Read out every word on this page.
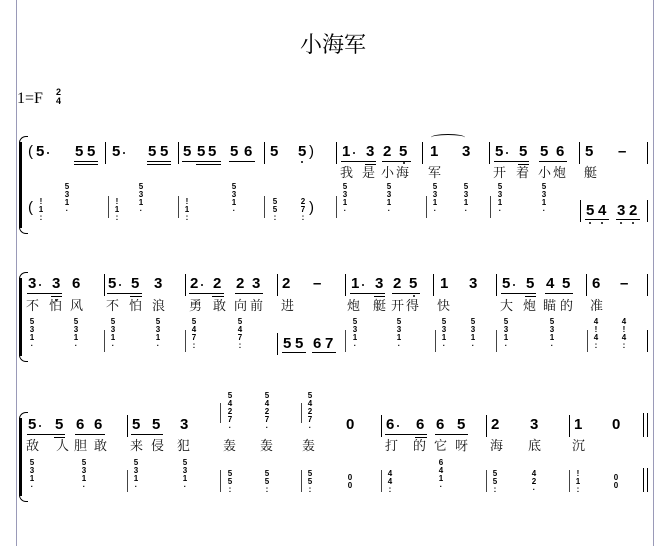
小海军
1=F 2
4
( 5 5 5 5 5 5 5 5 5 5 6 5 5 ) 1 3 2 5 1 3 5 5 5 6 5 –
我 是 小 海 军	开 着 小 炮 艇
( !
1
:
5
3
1
·
!
1
:
5
3
1
·
!
1
:
5
3
1
·
5
5
:
2
7
:
)
5
3
1
·
5
3
1
·
5
3
1
·
5
3
1
·
5
3
1
·
5
3
1
·	5 4 3 2
3 3 6 5 5 3 2 2 2 3 2 – 1 3 2 5 1 3 5 5 4 5 6 –
不 怕 风 不 怕 浪 勇 敢 向 前 进	炮 艇 开 得 快	大 炮 瞄 的 准
5
3
1
·
5
3
1
·
5
3
1
·
5
3
1
·
5
4
7
:
5
4
7
:	5 5 6 7
5
3
1
·
5
3
1
·
5
3
1
·
5
3
1
·
5
3
1
·
5
3
1
·
4
!
4
:
4
!
4
:
5 5 6 6 5 5 3
5
4
2
7
·
5
4
2
7
·
5
4
2
7
· 0 6 6 6 5 2 3 1 0
敌 人 胆 敢 来 侵 犯	轰 轰 轰	打 的 它 呀 海 底 沉
5
3
1
·
5
3
1
·
5
3
1
·
5
3
1
·
5
5
:
5
5
:
5
5
:
0
0
4
4
:
6
4
1
·
5
5
:
4
2
·
!
1
:
0
0
